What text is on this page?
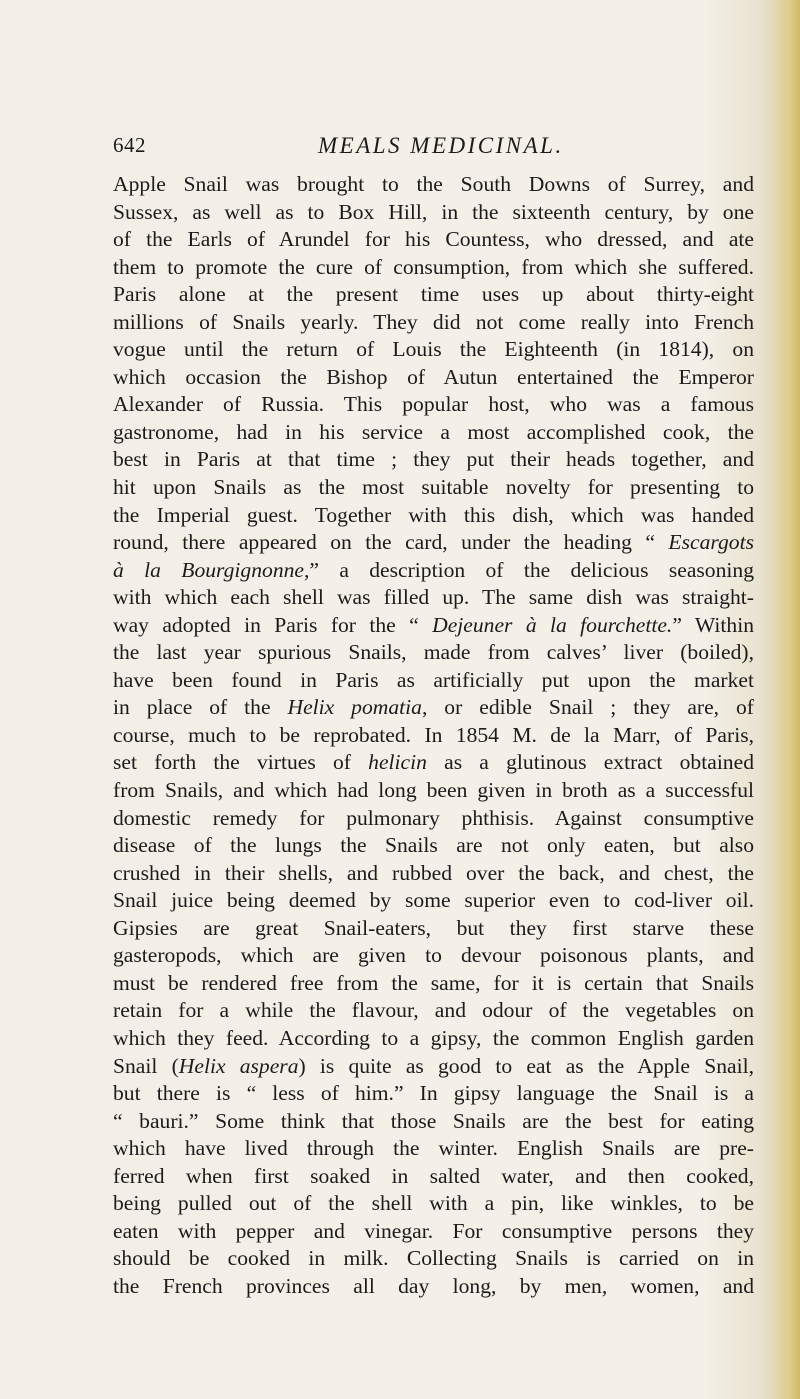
642	MEALS MEDICINAL.
Apple Snail was brought to the South Downs of Surrey, and
Sussex, as well as to Box Hill, in the sixteenth century, by one
of the Earls of Arundel for his Countess, who dressed, and ate
them to promote the cure of consumption, from which she suffered.
Paris alone at the present time uses up about thirty-eight
millions of Snails yearly. They did not come really into French
vogue until the return of Louis the Eighteenth (in 1814), on
which occasion the Bishop of Autun entertained the Emperor
Alexander of Russia. This popular host, who was a famous
gastronome, had in his service a most accomplished cook, the
best in Paris at that time ; they put their heads together, and
hit upon Snails as the most suitable novelty for presenting to
the Imperial guest. Together with this dish, which was handed
round, there appeared on the card, under the heading “ Escargots
à la Bourgignonne,” a description of the delicious seasoning
with which each shell was filled up. The same dish was straight-
way adopted in Paris for the “ Dejeuner à la fourchette.” Within
the last year spurious Snails, made from calves’ liver (boiled),
have been found in Paris as artificially put upon the market
in place of the Helix pomatia, or edible Snail ; they are, of
course, much to be reprobated. In 1854 M. de la Marr, of Paris,
set forth the virtues of helicin as a glutinous extract obtained
from Snails, and which had long been given in broth as a successful
domestic remedy for pulmonary phthisis. Against consumptive
disease of the lungs the Snails are not only eaten, but also
crushed in their shells, and rubbed over the back, and chest, the
Snail juice being deemed by some superior even to cod-liver oil.
Gipsies are great Snail-eaters, but they first starve these
gasteropods, which are given to devour poisonous plants, and
must be rendered free from the same, for it is certain that Snails
retain for a while the flavour, and odour of the vegetables on
which they feed. According to a gipsy, the common English garden
Snail (Helix aspera) is quite as good to eat as the Apple Snail,
but there is “ less of him.” In gipsy language the Snail is a
“ bauri.” Some think that those Snails are the best for eating
which have lived through the winter. English Snails are pre-
ferred when first soaked in salted water, and then cooked,
being pulled out of the shell with a pin, like winkles, to be
eaten with pepper and vinegar. For consumptive persons they
should be cooked in milk. Collecting Snails is carried on in
the French provinces all day long, by men, women, and
